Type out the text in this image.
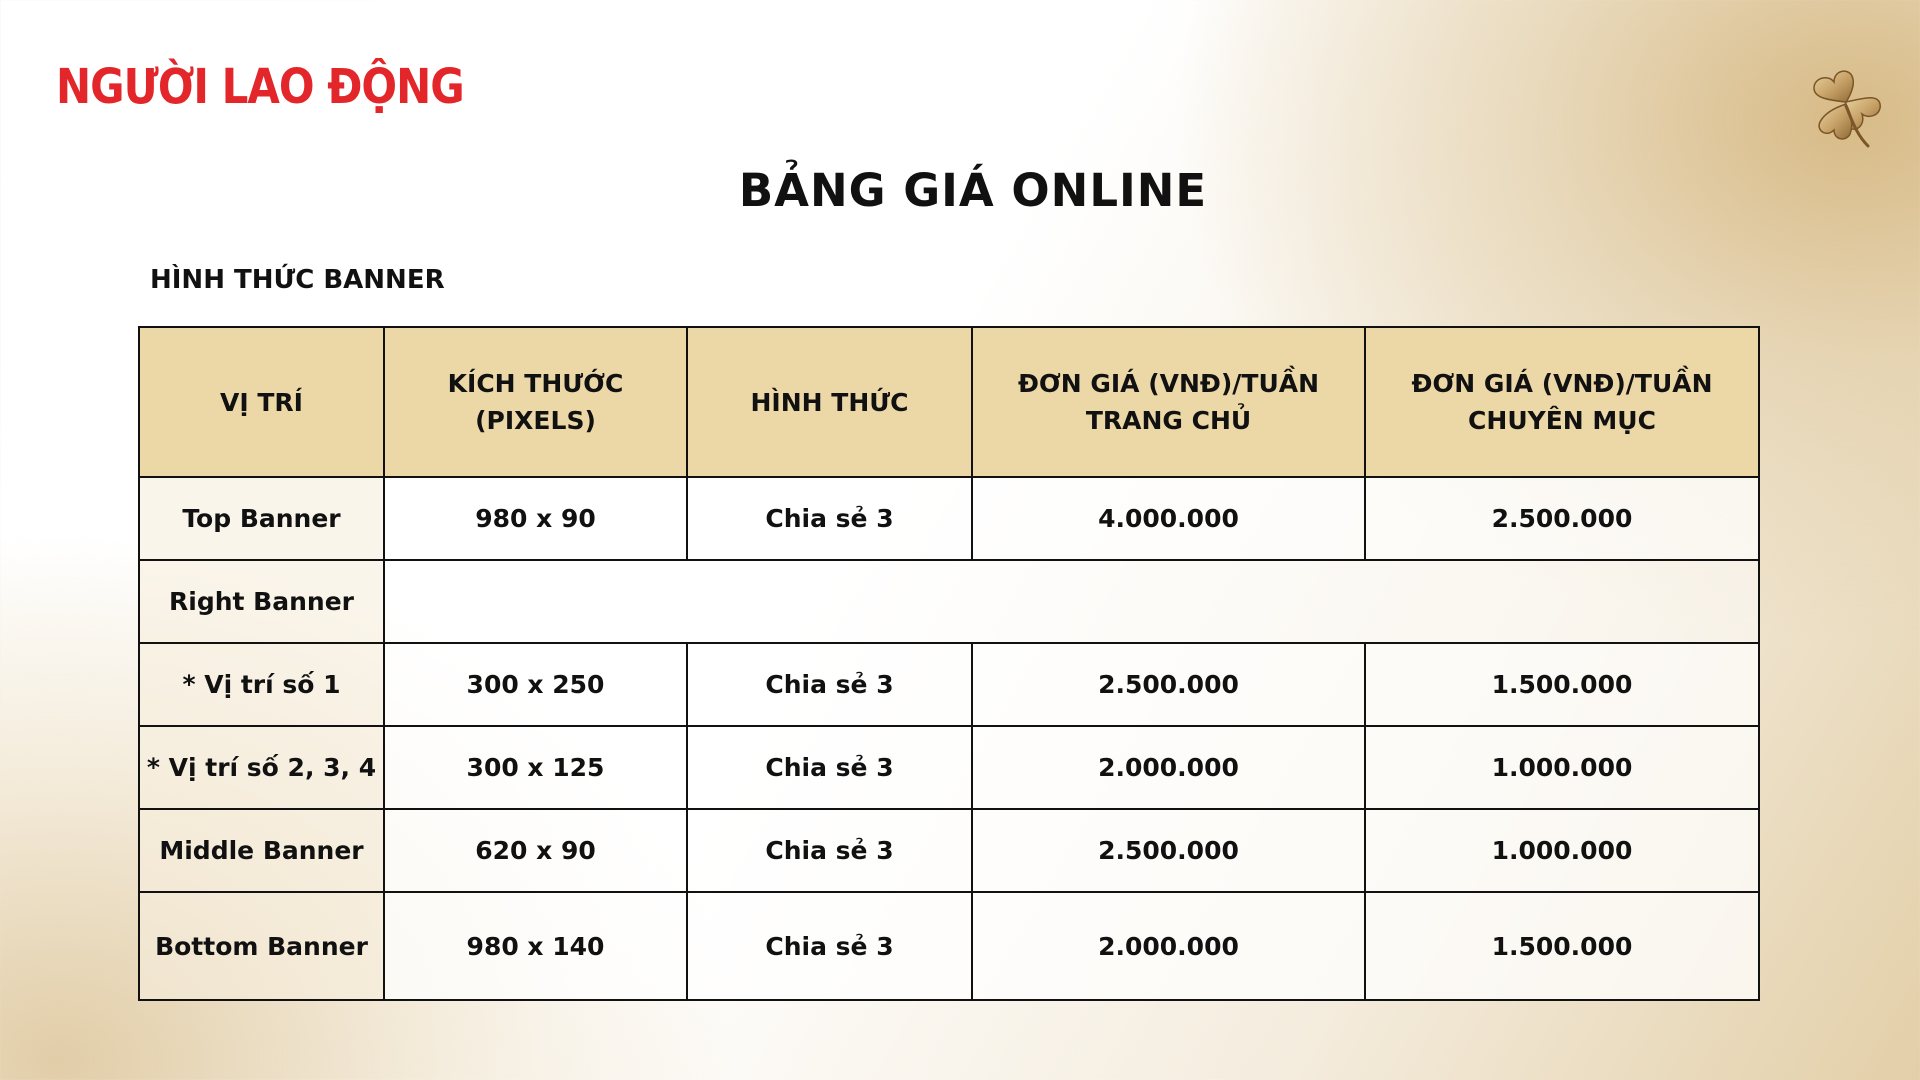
NGƯỜI LAO ĐỘNG
BẢNG GIÁ ONLINE
HÌNH THỨC BANNER
VỊ TRÍ	KÍCH THƯỚC (PIXELS)	HÌNH THỨC	ĐƠN GIÁ (VNĐ)/TUẦN TRANG CHỦ	ĐƠN GIÁ (VNĐ)/TUẦN CHUYÊN MỤC
Top Banner	980 x 90	Chia sẻ 3	4.000.000	2.500.000
Right Banner				
* Vị trí số 1	300 x 250	Chia sẻ 3	2.500.000	1.500.000
* Vị trí số 2, 3, 4	300 x 125	Chia sẻ 3	2.000.000	1.000.000
Middle Banner	620 x 90	Chia sẻ 3	2.500.000	1.000.000
Bottom Banner	980 x 140	Chia sẻ 3	2.000.000	1.500.000
